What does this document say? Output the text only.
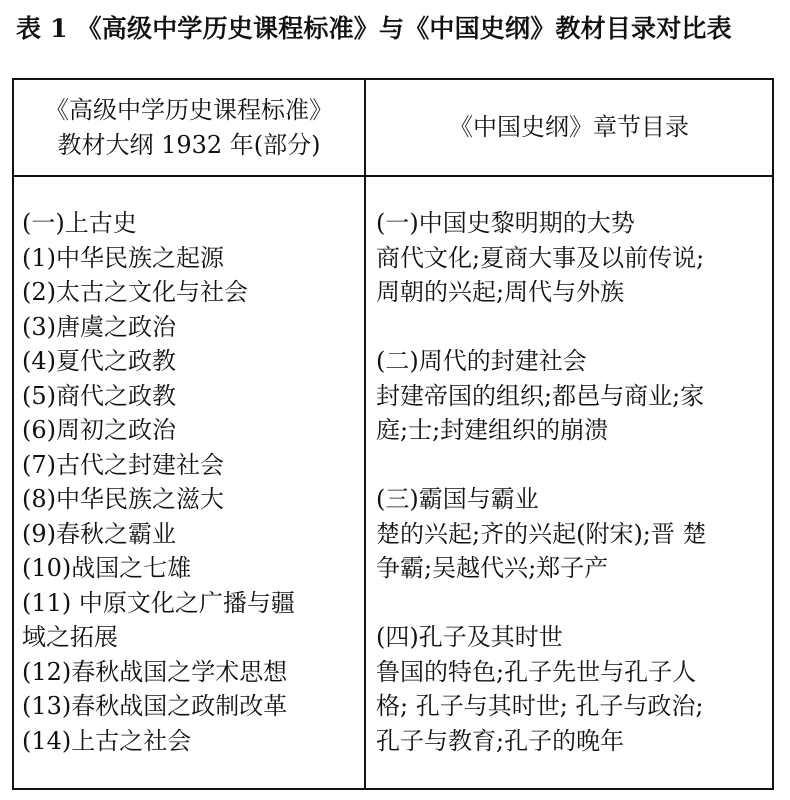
表 1 《高级中学历史课程标准》与《中国史纲》教材目录对比表
《高级中学历史课程标准》
教材大纲 1932 年(部分)
《中国史纲》章节目录
(一)上古史
(1)中华民族之起源
(2)太古之文化与社会
(3)唐虞之政治
(4)夏代之政教
(5)商代之政教
(6)周初之政治
(7)古代之封建社会
(8)中华民族之滋大
(9)春秋之霸业
(10)战国之七雄
(11) 中原文化之广播与疆
域之拓展
(12)春秋战国之学术思想
(13)春秋战国之政制改革
(14)上古之社会
(一)中国史黎明期的大势
商代文化;夏商大事及以前传说;
周朝的兴起;周代与外族
(二)周代的封建社会
封建帝国的组织;都邑与商业;家
庭;士;封建组织的崩溃
(三)霸国与霸业
楚的兴起;齐的兴起(附宋);晋 楚
争霸;吴越代兴;郑子产
(四)孔子及其时世
鲁国的特色;孔子先世与孔子人
格; 孔子与其时世; 孔子与政治;
孔子与教育;孔子的晚年
